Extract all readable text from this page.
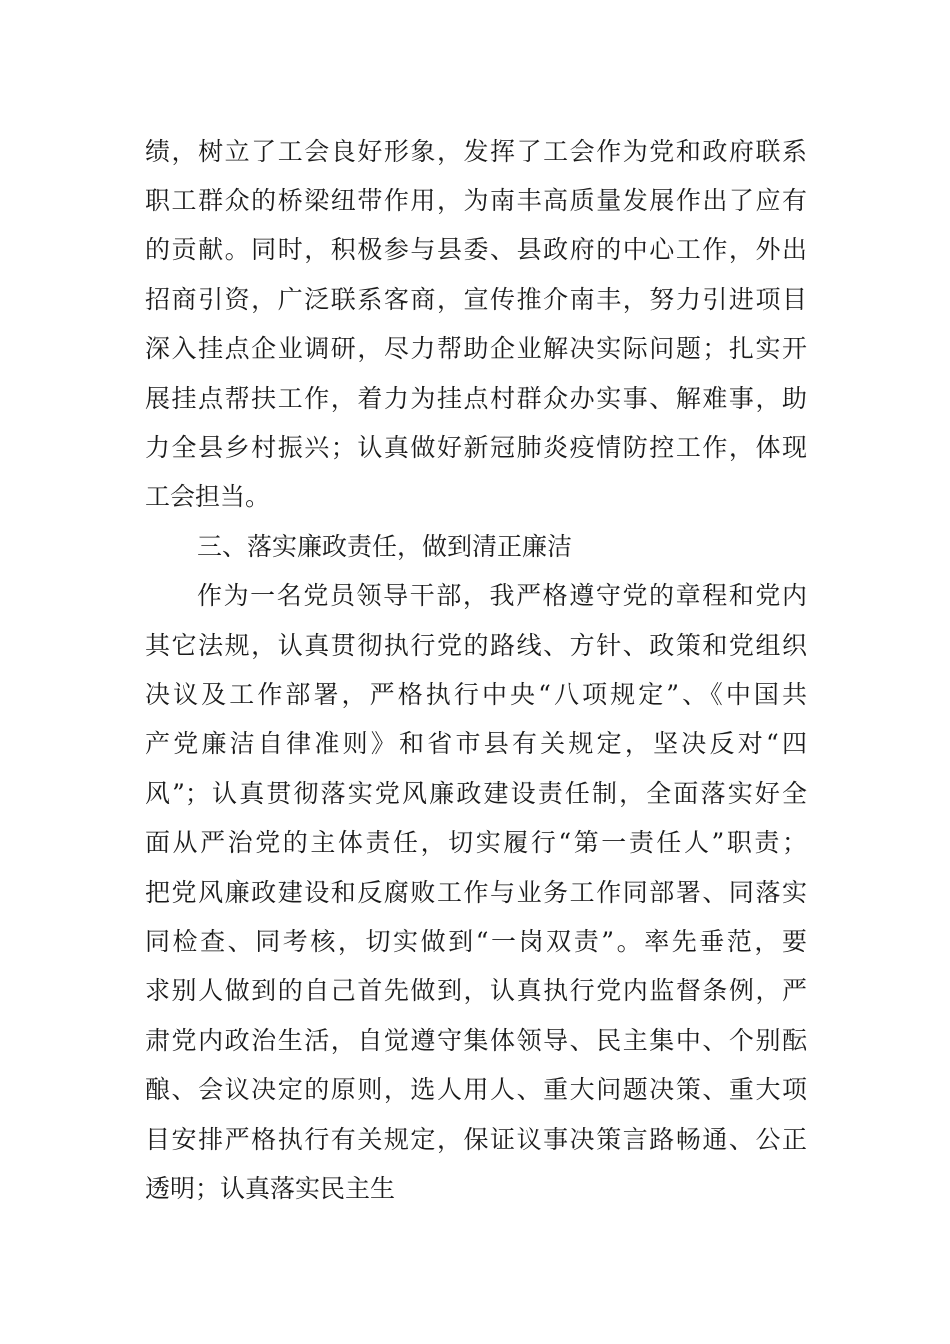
绩，树立了工会良好形象，发挥了工会作为党和政府联系
职工群众的桥梁纽带作用，为南丰高质量发展作出了应有
的贡献。同时，积极参与县委、县政府的中心工作，外出
招商引资，广泛联系客商，宣传推介南丰，努力引进项目
深入挂点企业调研，尽力帮助企业解决实际问题；扎实开
展挂点帮扶工作，着力为挂点村群众办实事、解难事，助
力全县乡村振兴；认真做好新冠肺炎疫情防控工作，体现
工会担当。
三、落实廉政责任，做到清正廉洁
作为一名党员领导干部，我严格遵守党的章程和党内
其它法规，认真贯彻执行党的路线、方针、政策和党组织
决议及工作部署，严格执行中央“八项规定”、《中国共
产党廉洁自律准则》和省市县有关规定，坚决反对“四
风”；认真贯彻落实党风廉政建设责任制，全面落实好全
面从严治党的主体责任，切实履行“第一责任人”职责；
把党风廉政建设和反腐败工作与业务工作同部署、同落实
同检查、同考核，切实做到“一岗双责”。率先垂范，要
求别人做到的自己首先做到，认真执行党内监督条例，严
肃党内政治生活，自觉遵守集体领导、民主集中、个别酝
酿、会议决定的原则，选人用人、重大问题决策、重大项
目安排严格执行有关规定，保证议事决策言路畅通、公正
透明；认真落实民主生
